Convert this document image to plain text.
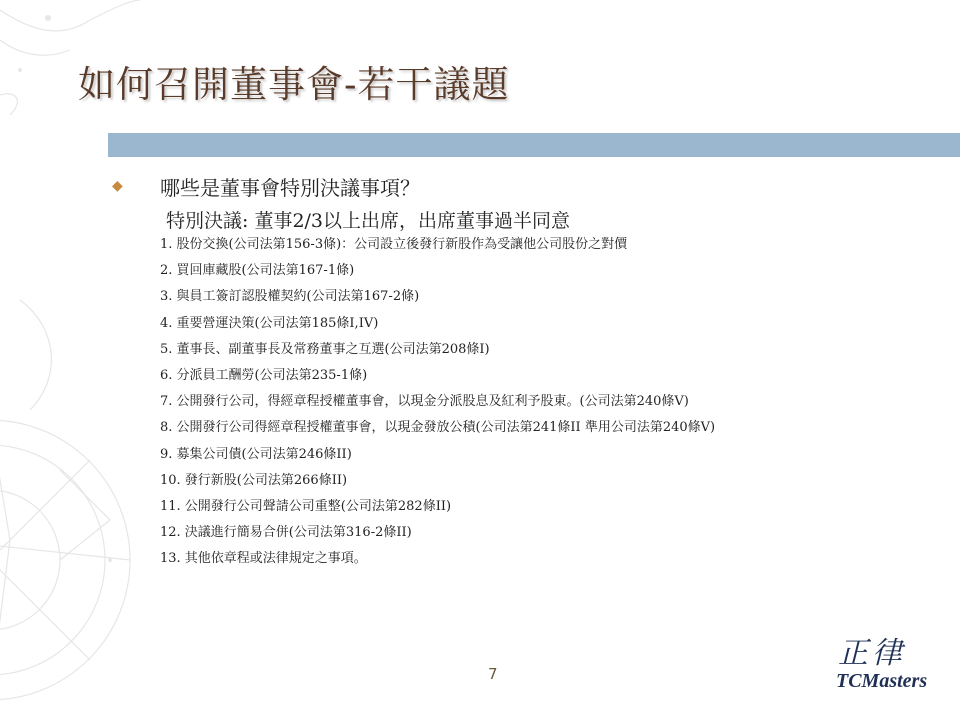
如何召開董事會-若干議題
◆ 哪些是董事會特別決議事項？
特別決議: 董事2/3以上出席，出席董事過半同意
1. 股份交換(公司法第156-3條)：公司設立後發行新股作為受讓他公司股份之對價
2. 買回庫藏股(公司法第167-1條)
3. 與員工簽訂認股權契約(公司法第167-2條)
4. 重要營運決策(公司法第185條I,IV)
5. 董事長、副董事長及常務董事之互選(公司法第208條I)
6. 分派員工酬勞(公司法第235-1條)
7. 公開發行公司，得經章程授權董事會，以現金分派股息及紅利予股東。(公司法第240條V)
8. 公開發行公司得經章程授權董事會，以現金發放公積(公司法第241條II 準用公司法第240條V)
9. 募集公司債(公司法第246條II)
10. 發行新股(公司法第266條II)
11. 公開發行公司聲請公司重整(公司法第282條II)
12. 決議進行簡易合併(公司法第316-2條II)
13. 其他依章程或法律規定之事項。
7
正律
TCMasters
